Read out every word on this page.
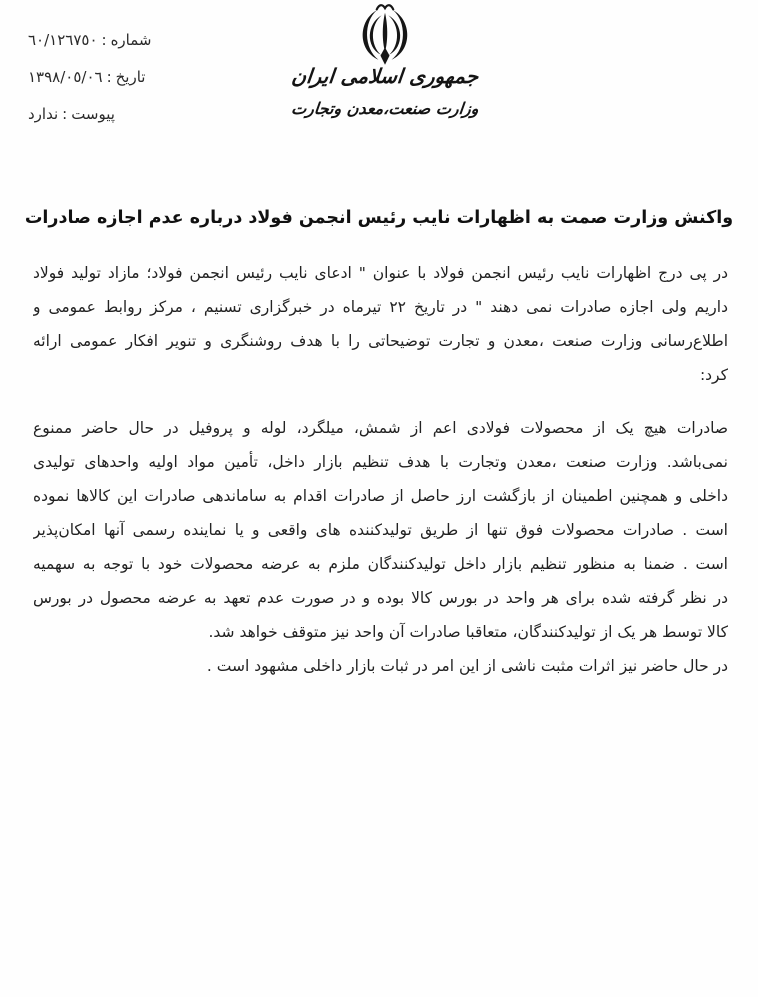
شماره:٦٠/١٢٦٧٥٠
تاریخ:١٣٩٨/٠٥/٠٦
پیوست:ندارد
جمهوری اسلامی ایران
وزارت صنعت،معدن وتجارت
واکنش وزارت صمت به اظهارات نایب رئیس انجمن فولاد درباره عدم اجازه صادرات
در پی درج اظهارات نایب رئیس انجمن فولاد با عنوان " ادعای نایب رئیس انجمن فولاد؛ مازاد تولید فولاد
داریم ولی اجازه صادرات نمی دهند " در تاریخ ٢٢ تیرماه در خبرگزاری تسنیم ، مرکز روابط عمومی و
اطلاع‌رسانی وزارت صنعت ،معدن و تجارت توضیحاتی را با هدف روشنگری و تنویر افکار عمومی ارائه
کرد:
صادرات هیچ یک از محصولات فولادی اعم از شمش، میلگرد، لوله و پروفیل در حال حاضر ممنوع
نمی‌باشد. وزارت صنعت ،معدن وتجارت با هدف تنظیم بازار داخل، تأمین مواد اولیه واحدهای تولیدی
داخلی و همچنین اطمینان از بازگشت ارز حاصل از صادرات اقدام به ساماندهی صادرات این کالاها نموده
است . صادرات محصولات فوق تنها از طریق تولیدکننده های واقعی و یا نماینده رسمی آنها امکان‌پذیر
است . ضمنا به منظور تنظیم بازار داخل تولیدکنندگان ملزم به عرضه محصولات خود با توجه به سهمیه
در نظر گرفته شده برای هر واحد در بورس کالا بوده و در صورت عدم تعهد به عرضه محصول در بورس
کالا توسط هر یک از تولیدکنندگان، متعاقبا صادرات آن واحد نیز متوقف خواهد شد.
در حال حاضر نیز اثرات مثبت ناشی از این امر در ثبات بازار داخلی مشهود است .
